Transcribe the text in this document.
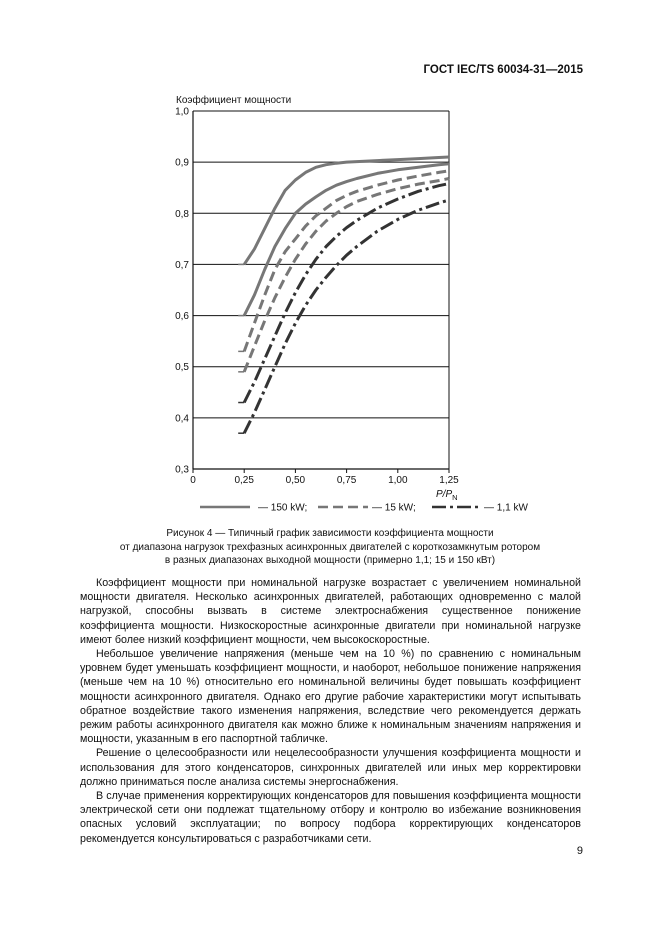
ГОСТ IEC/TS 60034-31—2015
Коэффициент мощности
0,3
0,4
0,5
0,6
0,7
0,8
0,9
1,0
0	0,25	0,50	0,75	1,00	1,25
$P/P_N$
— 150 kW;	— 15 kW;	— 1,1 kW
Рисунок 4 — Типичный график зависимости коэффициента мощности
от диапазона нагрузок трехфазных асинхронных двигателей с короткозамкнутым ротором
в разных диапазонах выходной мощности (примерно 1,1; 15 и 150 кВт)

Коэффициент мощности при номинальной нагрузке возрастает с увеличением номинальной мощности двигателя. Несколько асинхронных двигателей, работающих одновременно с малой нагрузкой, способны вызвать в системе электроснабжения существенное понижение коэффициента мощности. Низкоскоростные асинхронные двигатели при номинальной нагрузке имеют более низкий коэффициент мощности, чем высокоскоростные.

Небольшое увеличение напряжения (меньше чем на 10 %) по сравнению с номинальным уровнем будет уменьшать коэффициент мощности, и наоборот, небольшое понижение напряжения (меньше чем на 10 %) относительно его номинальной величины будет повышать коэффициент мощности асинхронного двигателя. Однако его другие рабочие характеристики могут испытывать обратное воздействие такого изменения напряжения, вследствие чего рекомендуется держать режим работы асинхронного двигателя как можно ближе к номинальным значениям напряжения и мощности, указанным в его паспортной табличке.

Решение о целесообразности или нецелесообразности улучшения коэффициента мощности и использования для этого конденсаторов, синхронных двигателей или иных мер корректировки должно приниматься после анализа системы энергоснабжения.

В случае применения корректирующих конденсаторов для повышения коэффициента мощности электрической сети они подлежат тщательному отбору и контролю во избежание возникновения опасных условий эксплуатации; по вопросу подбора корректирующих конденсаторов рекомендуется консультироваться с разработчиками сети.

9
